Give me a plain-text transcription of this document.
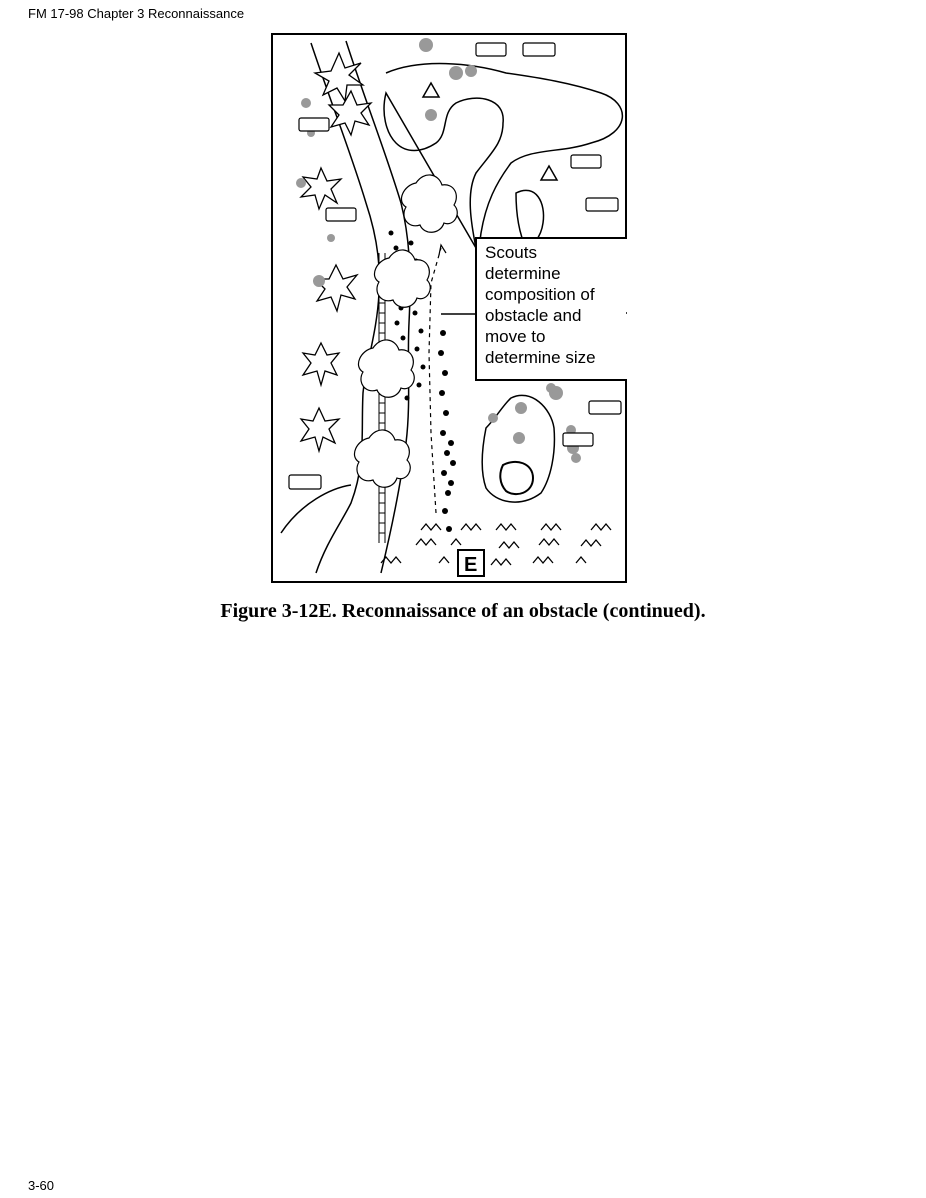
FM 17-98 Chapter 3 Reconnaissance
Scouts
determine
composition of
obstacle and
move to
determine size
E
Figure 3-12E. Reconnaissance of an obstacle (continued).
3-60
